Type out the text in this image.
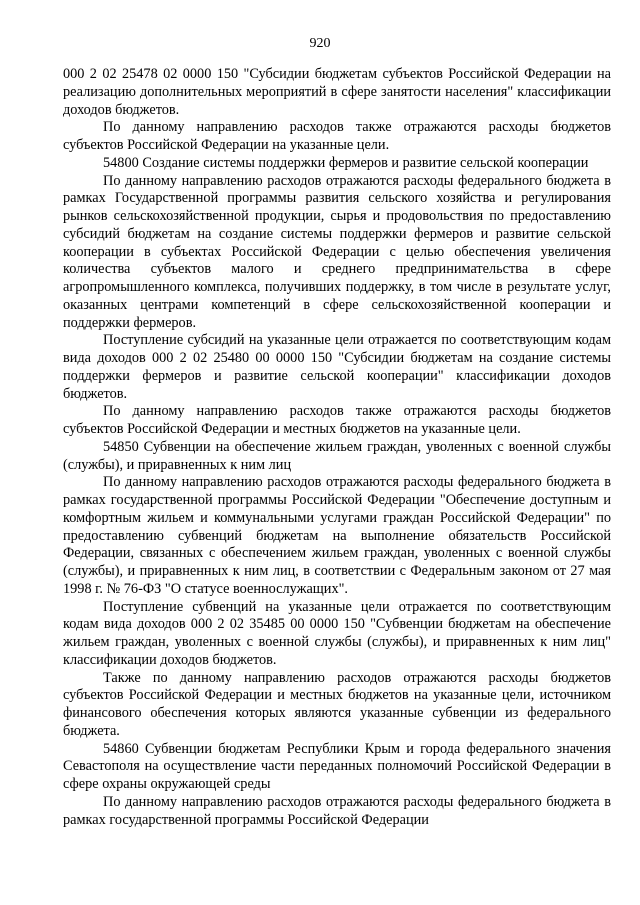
920

000 2 02 25478 02 0000 150 "Субсидии бюджетам субъектов Российской Федерации на реализацию дополнительных мероприятий в сфере занятости населения" классификации доходов бюджетов.

По данному направлению расходов также отражаются расходы бюджетов субъектов Российской Федерации на указанные цели.

54800 Создание системы поддержки фермеров и развитие сельской кооперации

По данному направлению расходов отражаются расходы федерального бюджета в рамках Государственной программы развития сельского хозяйства и регулирования рынков сельскохозяйственной продукции, сырья и продовольствия по предоставлению субсидий бюджетам на создание системы поддержки фермеров и развитие сельской кооперации в субъектах Российской Федерации с целью обеспечения увеличения количества субъектов малого и среднего предпринимательства в сфере агропромышленного комплекса, получивших поддержку, в том числе в результате услуг, оказанных центрами компетенций в сфере сельскохозяйственной кооперации и поддержки фермеров.

Поступление субсидий на указанные цели отражается по соответствующим кодам вида доходов 000 2 02 25480 00 0000 150 "Субсидии бюджетам на создание системы поддержки фермеров и развитие сельской кооперации" классификации доходов бюджетов.

По данному направлению расходов также отражаются расходы бюджетов субъектов Российской Федерации и местных бюджетов на указанные цели.

54850 Субвенции на обеспечение жильем граждан, уволенных с военной службы (службы), и приравненных к ним лиц

По данному направлению расходов отражаются расходы федерального бюджета в рамках государственной программы Российской Федерации "Обеспечение доступным и комфортным жильем и коммунальными услугами граждан Российской Федерации" по предоставлению субвенций бюджетам на выполнение обязательств Российской Федерации, связанных с обеспечением жильем граждан, уволенных с военной службы (службы), и приравненных к ним лиц, в соответствии с Федеральным законом от 27 мая 1998 г. № 76-ФЗ "О статусе военнослужащих".

Поступление субвенций на указанные цели отражается по соответствующим кодам вида доходов 000 2 02 35485 00 0000 150 "Субвенции бюджетам на обеспечение жильем граждан, уволенных с военной службы (службы), и приравненных к ним лиц" классификации доходов бюджетов.

Также по данному направлению расходов отражаются расходы бюджетов субъектов Российской Федерации и местных бюджетов на указанные цели, источником финансового обеспечения которых являются указанные субвенции из федерального бюджета.

54860 Субвенции бюджетам Республики Крым и города федерального значения Севастополя на осуществление части переданных полномочий Российской Федерации в сфере охраны окружающей среды

По данному направлению расходов отражаются расходы федерального бюджета в рамках государственной программы Российской Федерации
